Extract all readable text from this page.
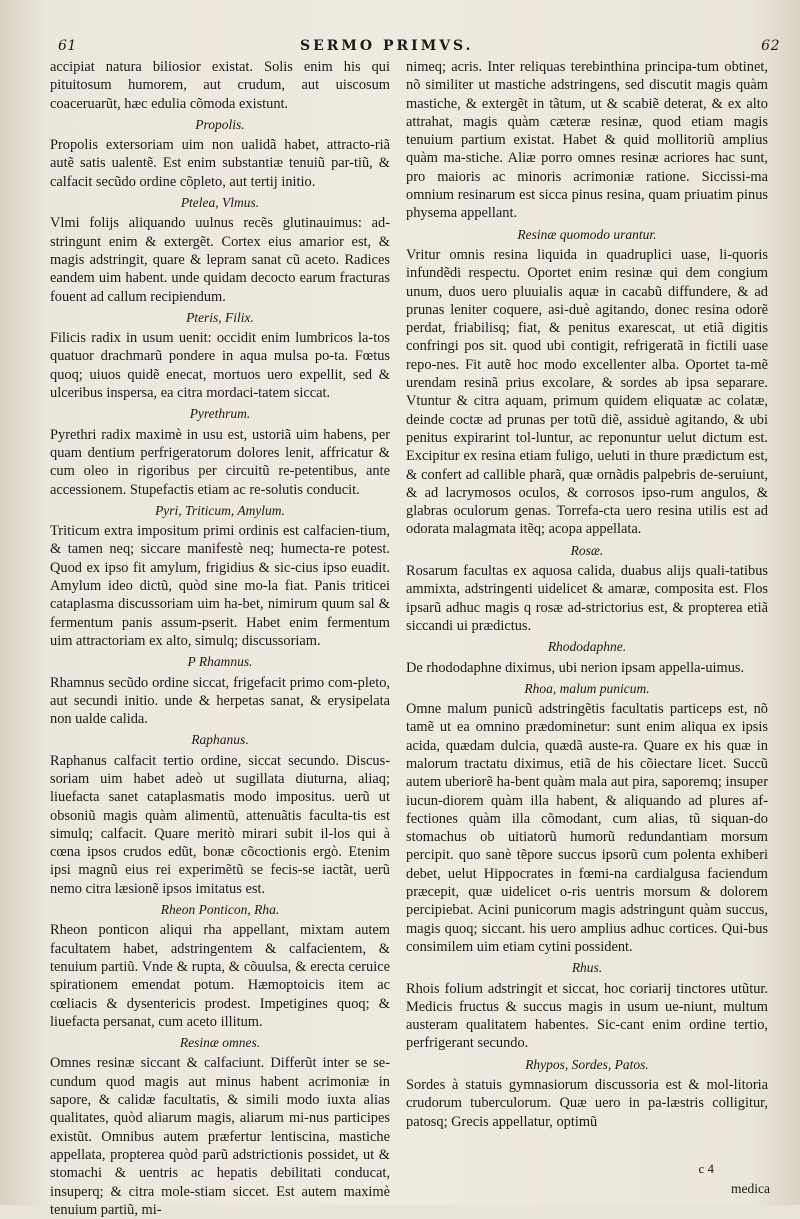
61	SERMO PRIMVS.	62
accipiat natura biliosior existat. Solis enim his qui pituitosum humorem, aut crudum, aut uiscosum coaceruarũt, hæc edulia cõmoda existunt.
Propolis.
Propolis extersoriam uim non ualidã habet, attracto-riã autẽ satis ualentẽ. Est enim substantiæ tenuiũ par-tiũ, & calfacit secũdo ordine cõpleto, aut tertij initio.
Ptelea, Vlmus.
Vlmi folijs aliquando uulnus recẽs glutinauimus: ad-stringunt enim & extergẽt. Cortex eius amarior est, & magis adstringit, quare & lepram sanat cũ aceto. Radices eandem uim habent. unde quidam decocto earum fracturas fouent ad callum recipiendum.
Pteris, Filix.
Filicis radix in usum uenit: occidit enim lumbricos la-tos quatuor drachmarũ pondere in aqua mulsa po-ta. Fœtus quoq; uiuos quidẽ enecat, mortuos uero expellit, sed & ulceribus inspersa, ea citra mordaci-tatem siccat.
Pyrethrum.
Pyrethri radix maximè in usu est, ustoriã uim habens, per quam dentium perfrigeratorum dolores lenit, affricatur & cum oleo in rigoribus per circuitũ re-petentibus, ante accessionem. Stupefactis etiam ac re-solutis conducit.
Pyri, Triticum, Amylum.
Triticum extra impositum primi ordinis est calfacien-tium, & tamen neq; siccare manifestè neq; humecta-re potest. Quod ex ipso fit amylum, frigidius & sic-cius ipso euadit. Amylum ideo dictũ, quòd sine mo-la fiat. Panis triticei cataplasma discussoriam uim ha-bet, nimirum quum sal & fermentum panis assum-pserit. Habet enim fermentum uim attractoriam ex alto, simulq; discussoriam.
P Rhamnus.
Rhamnus secũdo ordine siccat, frigefacit primo com-pleto, aut secundi initio. unde & herpetas sanat, & erysipelata non ualde calida.
Raphanus.
Raphanus calfacit tertio ordine, siccat secundo. Discus-soriam uim habet adeò ut sugillata diuturna, aliaq; liuefacta sanet cataplasmatis modo impositus. uerũ ut obsoniũ magis quàm alimentũ, attenuãtis faculta-tis est simulq; calfacit. Quare meritò mirari subit il-los qui à cœna ipsos crudos edũt, bonæ cõcoctionis ergò. Etenim ipsi magnũ eius rei experimẽtũ se fecis-se iactãt, uerũ nemo citra læsionẽ ipsos imitatus est.
Rheon Ponticon, Rha.
Rheon ponticon aliqui rha appellant, mixtam autem facultatem habet, adstringentem & calfacientem, & tenuium partiũ. Vnde & rupta, & cõuulsa, & erecta ceruice spirationem emendat potum. Hæmoptoicis item ac cœliacis & dysentericis prodest. Impetigines quoq; & liuefacta persanat, cum aceto illitum.
Resinæ omnes.
Omnes resinæ siccant & calfaciunt. Differũt inter se se-cundum quod magis aut minus habent acrimoniæ in sapore, & calidæ facultatis, & simili modo iuxta alias qualitates, quòd aliarum magis, aliarum mi-nus participes existũt. Omnibus autem præfertur lentiscina, mastiche appellata, propterea quòd parũ adstrictionis possidet, ut & stomachi & uentris ac hepatis debilitati conducat, insuperq; & citra mole-stiam siccet. Est autem maximè tenuium partiũ, mi-
nimeq; acris. Inter reliquas terebinthina principa-tum obtinet, nõ similiter ut mastiche adstringens, sed discutit magis quàm mastiche, & extergẽt in tãtum, ut & scabiẽ deterat, & ex alto attrahat, magis quàm cæteræ resinæ, quod etiam magis tenuium partium existat. Habet & quid mollitoriũ amplius quàm ma-stiche. Aliæ porro omnes resinæ acriores hac sunt, pro maioris ac minoris acrimoniæ ratione. Siccissi-ma omnium resinarum est sicca pinus resina, quam priuatim pinus physema appellant.
Resinæ quomodo urantur.
Vritur omnis resina liquida in quadruplici uase, li-quoris infundẽdi respectu. Oportet enim resinæ qui dem congium unum, duos uero pluuialis aquæ in cacabũ diffundere, & ad prunas leniter coquere, asi-duè agitando, donec resina odorẽ perdat, friabilisq; fiat, & penitus exarescat, ut etiã digitis confringi pos sit. quod ubi contigit, refrigeratã in fictili uase repo-nes. Fit autẽ hoc modo excellenter alba. Oportet ta-mẽ urendam resinã prius excolare, & sordes ab ipsa separare. Vtuntur & citra aquam, primum quidem eliquatæ ac colatæ, deinde coctæ ad prunas per totũ diẽ, assiduè agitando, & ubi penitus expirarint tol-luntur, ac reponuntur uelut dictum est. Excipitur ex resina etiam fuligo, ueluti in thure prædictum est, & confert ad callible pharã, quæ ornãdis palpebris de-seruiunt, & ad lacrymosos oculos, & corrosos ipso-rum angulos, & glabras oculorum genas. Torrefa-cta uero resina utilis est ad odorata malagmata itẽq; acopa appellata.
Rosæ.
Rosarum facultas ex aquosa calida, duabus alijs quali-tatibus ammixta, adstringenti uidelicet & amaræ, composita est. Flos ipsarũ adhuc magis q rosæ ad-strictorius est, & propterea etiã siccandi ui prædictus.
Rhododaphne.
De rhododaphne diximus, ubi nerion ipsam appella-uimus.
Rhoa, malum punicum.
Omne malum punicũ adstringẽtis facultatis particeps est, nõ tamẽ ut ea omnino prædominetur: sunt enim aliqua ex ipsis acida, quædam dulcia, quædã auste-ra. Quare ex his quæ in malorum tractatu diximus, etiã de his cõiectare licet. Succũ autem uberiorẽ ha-bent quàm mala aut pira, saporemq; insuper iucun-diorem quàm illa habent, & aliquando ad plures af-fectiones quàm illa cõmodant, cum alias, tũ siquan-do stomachus ob uitiatorũ humorũ redundantiam morsum percipit. quo sanè tẽpore succus ipsorũ cum polenta exhiberi debet, uelut Hippocrates in fœmi-na cardialgusa faciendum præcepit, quæ uidelicet o-ris uentris morsum & dolorem percipiebat. Acini punicorum magis adstringunt quàm succus, magis quoq; siccant. his uero amplius adhuc cortices. Qui-bus consimilem uim etiam cytini possident.
Rhus.
Rhois folium adstringit et siccat, hoc coriarij tinctores utũtur. Medicis fructus & succus magis in usum ue-niunt, multum austeram qualitatem habentes. Sic-cant enim ordine tertio, perfrigerant secundo.
Rhypos, Sordes, Patos.
Sordes à statuis gymnasiorum discussoria est & mol-litoria crudorum tuberculorum. Quæ uero in pa-læstris colligitur, patosq; Grecis appellatur, optimũ
c 4
medica
